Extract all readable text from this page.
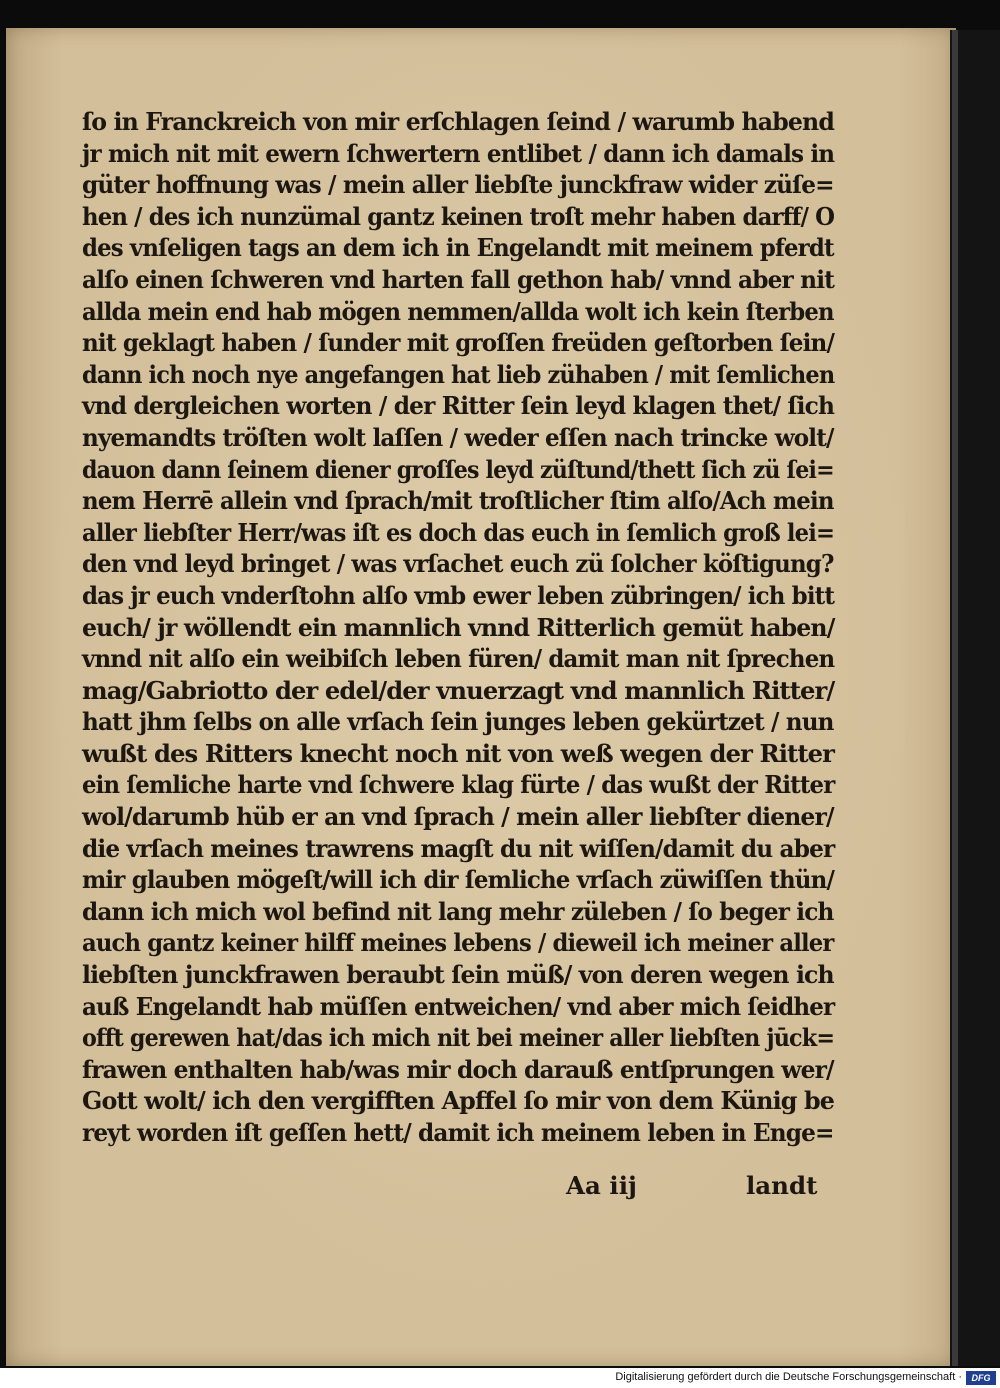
ſo in Franckreich von mir erſchlagen ſeind / warumb habend
jr mich nit mit ewern ſchwertern entlibet / dann ich damals in
güter hoffnung was / mein aller liebſte junckfraw wider züſe=
hen / des ich nunzümal gantz keinen troſt mehr haben darff/ O
des vnſeligen tags an dem ich in Engelandt mit meinem pferdt
alſo einen ſchweren vnd harten fall gethon hab/ vnnd aber nit
allda mein end hab mögen nemmen/allda wolt ich kein ſterben
nit geklagt haben / ſunder mit groſſen freüden geſtorben ſein/
dann ich noch nye angefangen hat lieb zühaben / mit ſemlichen
vnd dergleichen worten / der Ritter ſein leyd klagen thet/ ſich
nyemandts tröſten wolt laſſen / weder eſſen nach trincke wolt/
dauon dann ſeinem diener groſſes leyd züſtund/thett ſich zü ſei=
nem Herrē allein vnd ſprach/mit troſtlicher ſtim alſo/Ach mein
aller liebſter Herr/was iſt es doch das euch in ſemlich groß lei=
den vnd leyd bringet / was vrſachet euch zü ſolcher köſtigung?
das jr euch vnderſtohn alſo vmb ewer leben zübringen/ ich bitt
euch/ jr wöllendt ein mannlich vnnd Ritterlich gemüt haben/
vnnd nit alſo ein weibiſch leben füren/ damit man nit ſprechen
mag/Gabriotto der edel/der vnuerzagt vnd mannlich Ritter/
hatt jhm ſelbs on alle vrſach ſein junges leben gekürtzet / nun
wußt des Ritters knecht noch nit von weß wegen der Ritter
ein ſemliche harte vnd ſchwere klag fürte / das wußt der Ritter
wol/darumb hüb er an vnd ſprach / mein aller liebſter diener/
die vrſach meines trawrens magſt du nit wiſſen/damit du aber
mir glauben mögeſt/will ich dir ſemliche vrſach züwiſſen thün/
dann ich mich wol befind nit lang mehr züleben / ſo beger ich
auch gantz keiner hilff meines lebens / dieweil ich meiner aller
liebſten junckfrawen beraubt ſein müß/ von deren wegen ich
auß Engelandt hab müſſen entweichen/ vnd aber mich ſeidher
offt gerewen hat/das ich mich nit bei meiner aller liebſten jūck=
frawen enthalten hab/was mir doch darauß entſprungen wer/
Gott wolt/ ich den vergifften Apffel ſo mir von dem Künig be
reyt worden iſt geſſen hett/ damit ich meinem leben in Enge=
Aa iij	landt
Digitalisierung gefördert durch die Deutsche Forschungsgemeinschaft ·	DFG
